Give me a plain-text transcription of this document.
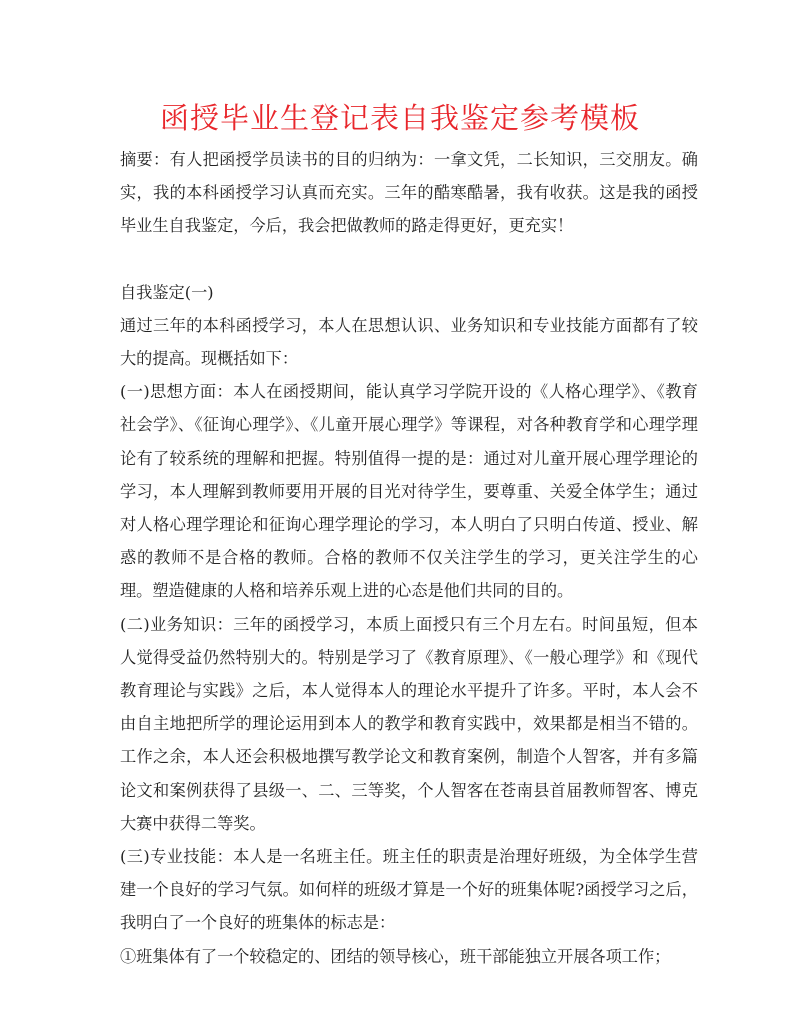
函授毕业生登记表自我鉴定参考模板

摘要：有人把函授学员读书的目的归纳为：一拿文凭，二长知识，三交朋友。确实，我的本科函授学习认真而充实。三年的酷寒酷暑，我有收获。这是我的函授毕业生自我鉴定，今后，我会把做教师的路走得更好，更充实！

自我鉴定(一)

通过三年的本科函授学习，本人在思想认识、业务知识和专业技能方面都有了较大的提高。现概括如下：

(一)思想方面：本人在函授期间，能认真学习学院开设的《人格心理学》、《教育社会学》、《征询心理学》、《儿童开展心理学》等课程，对各种教育学和心理学理论有了较系统的理解和把握。特别值得一提的是：通过对儿童开展心理学理论的学习，本人理解到教师要用开展的目光对待学生，要尊重、关爱全体学生；通过对人格心理学理论和征询心理学理论的学习，本人明白了只明白传道、授业、解惑的教师不是合格的教师。合格的教师不仅关注学生的学习，更关注学生的心理。塑造健康的人格和培养乐观上进的心态是他们共同的目的。

(二)业务知识：三年的函授学习，本质上面授只有三个月左右。时间虽短，但本人觉得受益仍然特别大的。特别是学习了《教育原理》、《一般心理学》和《现代教育理论与实践》之后，本人觉得本人的理论水平提升了许多。平时，本人会不由自主地把所学的理论运用到本人的教学和教育实践中，效果都是相当不错的。工作之余，本人还会积极地撰写教学论文和教育案例，制造个人智客，并有多篇论文和案例获得了县级一、二、三等奖，个人智客在苍南县首届教师智客、博克大赛中获得二等奖。

(三)专业技能：本人是一名班主任。班主任的职责是治理好班级，为全体学生营建一个良好的学习气氛。如何样的班级才算是一个好的班集体呢?函授学习之后，我明白了一个良好的班集体的标志是：

①班集体有了一个较稳定的、团结的领导核心，班干部能独立开展各项工作；
